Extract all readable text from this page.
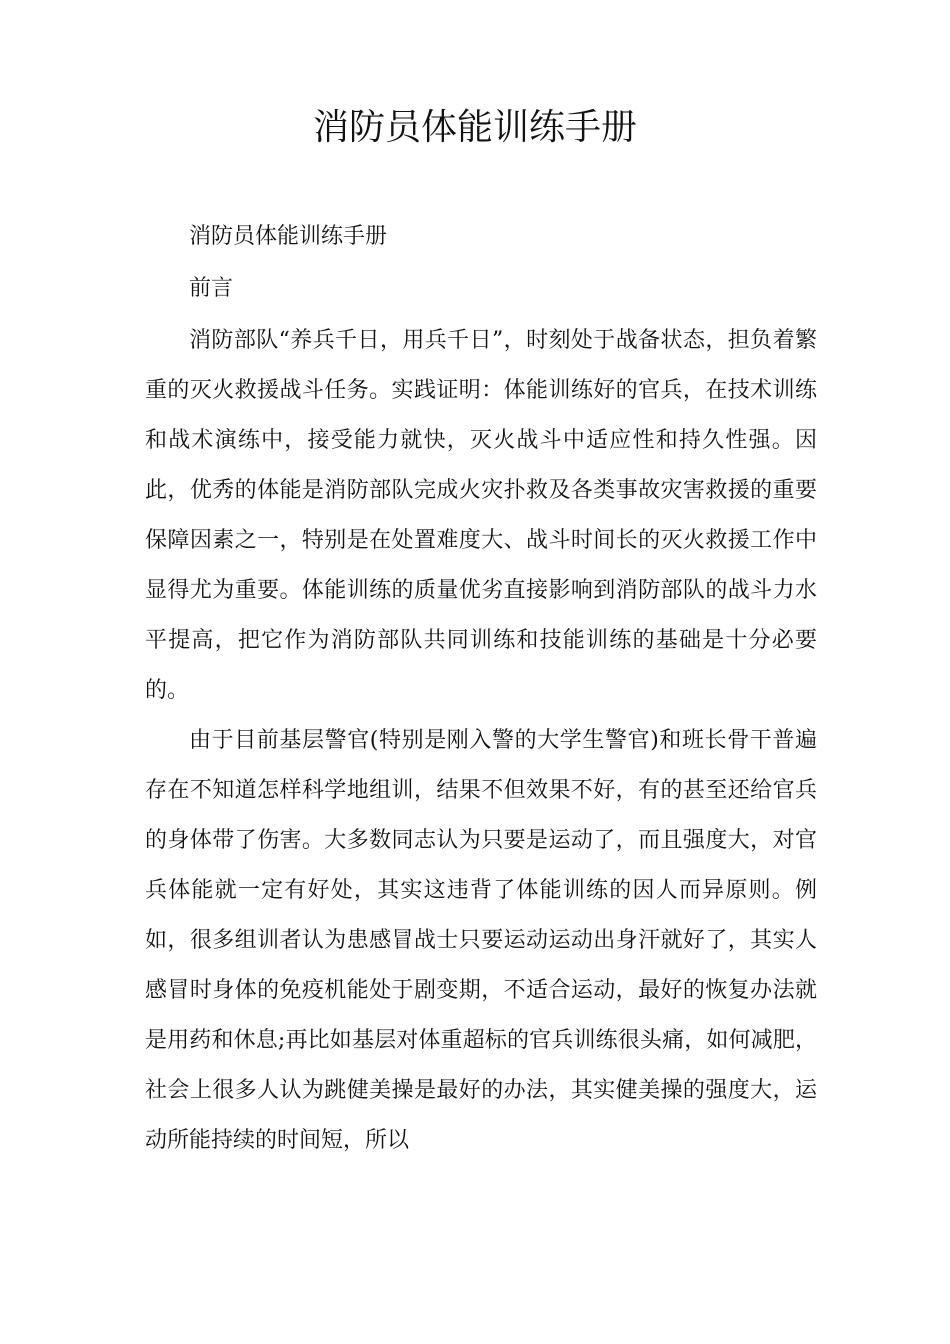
消防员体能训练手册

消防员体能训练手册

前言

消防部队“养兵千日，用兵千日”，时刻处于战备状态，担负着繁重的灭火救援战斗任务。实践证明：体能训练好的官兵，在技术训练和战术演练中，接受能力就快，灭火战斗中适应性和持久性强。因此，优秀的体能是消防部队完成火灾扑救及各类事故灾害救援的重要保障因素之一，特别是在处置难度大、战斗时间长的灭火救援工作中显得尤为重要。体能训练的质量优劣直接影响到消防部队的战斗力水平提高，把它作为消防部队共同训练和技能训练的基础是十分必要的。

由于目前基层警官(特别是刚入警的大学生警官)和班长骨干普遍存在不知道怎样科学地组训，结果不但效果不好，有的甚至还给官兵的身体带了伤害。大多数同志认为只要是运动了，而且强度大，对官兵体能就一定有好处，其实这违背了体能训练的因人而异原则。例如，很多组训者认为患感冒战士只要运动运动出身汗就好了，其实人感冒时身体的免疫机能处于剧变期，不适合运动，最好的恢复办法就是用药和休息;再比如基层对体重超标的官兵训练很头痛，如何减肥，社会上很多人认为跳健美操是最好的办法，其实健美操的强度大，运动所能持续的时间短，所以
